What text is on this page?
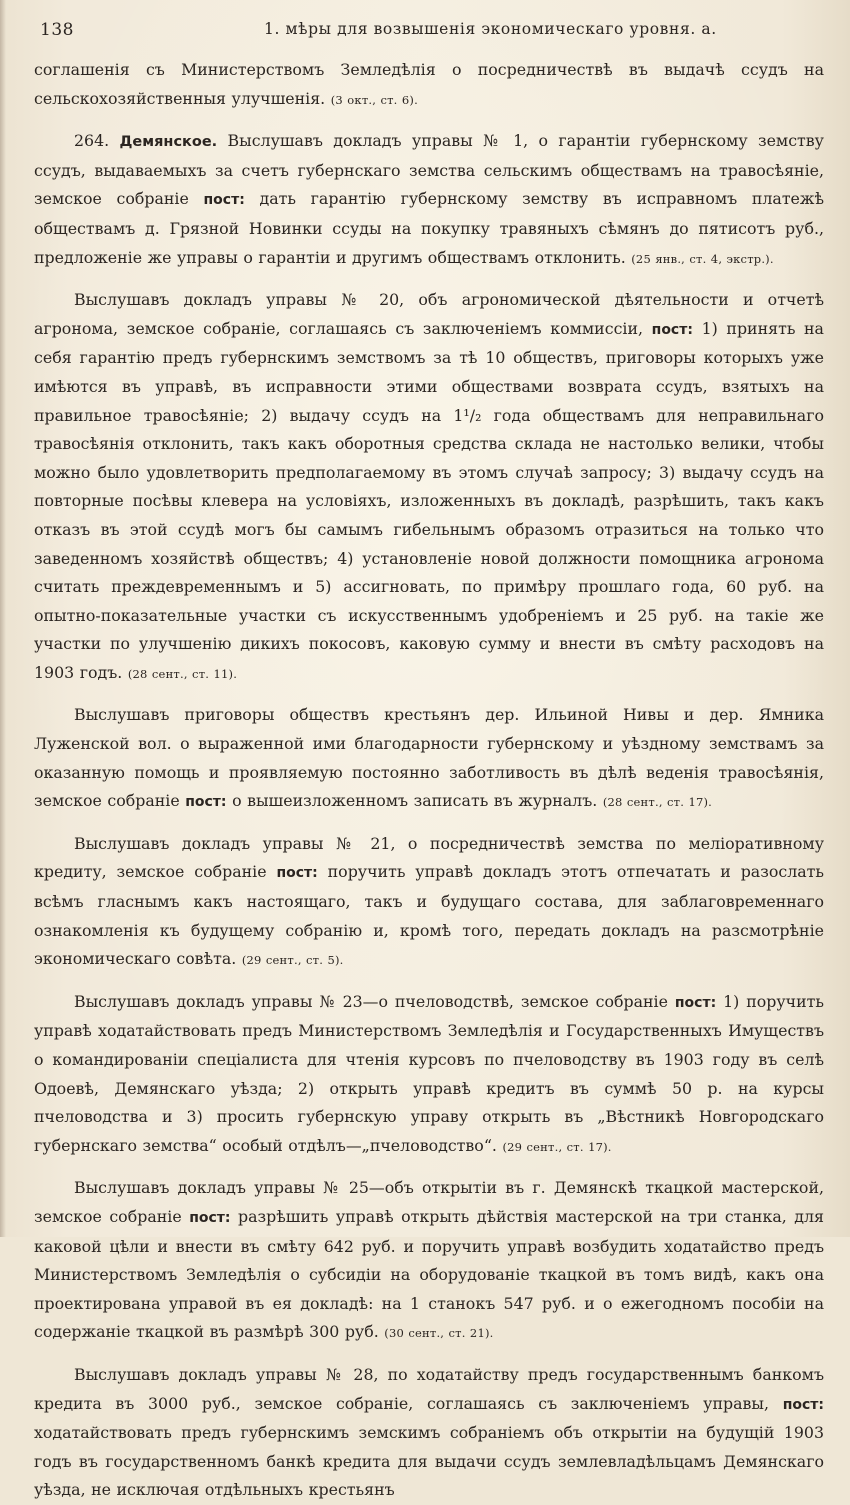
138	1. мѣры для возвышенія экономическаго уровня. а.

соглашенія съ Министерствомъ Земледѣлія о посредничествѣ въ выдачѣ ссудъ на сельскохозяйственныя улучшенія. (3 окт., ст. 6).

264. Демянское. Выслушавъ докладъ управы № 1, о гарантіи губернскому земству ссудъ, выдаваемыхъ за счетъ губернскаго земства сельскимъ обществамъ на травосѣяніе, земское собраніе пост: дать гарантію губернскому земству въ исправномъ платежѣ обществамъ д. Грязной Новинки ссуды на покупку травяныхъ сѣмянъ до пятисотъ руб., предложеніе же управы о гарантіи и другимъ обществамъ отклонить. (25 янв., ст. 4, экстр.).

Выслушавъ докладъ управы № 20, объ агрономической дѣятельности и отчетѣ агронома, земское собраніе, соглашаясь съ заключеніемъ коммиссіи, пост: 1) принять на себя гарантію предъ губернскимъ земствомъ за тѣ 10 обществъ, приговоры которыхъ уже имѣются въ управѣ, въ исправности этими обществами возврата ссудъ, взятыхъ на правильное травосѣяніе; 2) выдачу ссудъ на 1¹/₂ года обществамъ для неправильнаго травосѣянія отклонить, такъ какъ оборотныя средства склада не настолько велики, чтобы можно было удовлетворить предполагаемому въ этомъ случаѣ запросу; 3) выдачу ссудъ на повторные посѣвы клевера на условіяхъ, изложенныхъ въ докладѣ, разрѣшить, такъ какъ отказъ въ этой ссудѣ могъ бы самымъ гибельнымъ образомъ отразиться на только что заведенномъ хозяйствѣ обществъ; 4) установленіе новой должности помощника агронома считать преждевременнымъ и 5) ассигновать, по примѣру прошлаго года, 60 руб. на опытно-показательные участки съ искусственнымъ удобреніемъ и 25 руб. на такіе же участки по улучшенію дикихъ покосовъ, каковую сумму и внести въ смѣту расходовъ на 1903 годъ. (28 сент., ст. 11).

Выслушавъ приговоры обществъ крестьянъ дер. Ильиной Нивы и дер. Ямника Луженской вол. о выраженной ими благодарности губернскому и уѣздному земствамъ за оказанную помощь и проявляемую постоянно заботливость въ дѣлѣ веденія травосѣянія, земское собраніе пост: о вышеизложенномъ записать въ журналъ. (28 сент., ст. 17).

Выслушавъ докладъ управы № 21, о посредничествѣ земства по меліоративному кредиту, земское собраніе пост: поручить управѣ докладъ этотъ отпечатать и разослать всѣмъ гласнымъ какъ настоящаго, такъ и будущаго состава, для заблаговременнаго ознакомленія къ будущему собранію и, кромѣ того, передать докладъ на разсмотрѣніе экономическаго совѣта. (29 сент., ст. 5).

Выслушавъ докладъ управы № 23—о пчеловодствѣ, земское собраніе пост: 1) поручить управѣ ходатайствовать предъ Министерствомъ Земледѣлія и Государственныхъ Имуществъ о командированіи спеціалиста для чтенія курсовъ по пчеловодству въ 1903 году въ селѣ Одоевѣ, Демянскаго уѣзда; 2) открыть управѣ кредитъ въ суммѣ 50 р. на курсы пчеловодства и 3) просить губернскую управу открыть въ „Вѣстникѣ Новгородскаго губернскаго земства“ особый отдѣлъ—„пчеловодство“. (29 сент., ст. 17).

Выслушавъ докладъ управы № 25—объ открытіи въ г. Демянскѣ ткацкой мастерской, земское собраніе пост: разрѣшить управѣ открыть дѣйствія мастерской на три станка, для каковой цѣли и внести въ смѣту 642 руб. и поручить управѣ возбудить ходатайство предъ Министерствомъ Земледѣлія о субсидіи на оборудованіе ткацкой въ томъ видѣ, какъ она проектирована управой въ ея докладѣ: на 1 станокъ 547 руб. и о ежегодномъ пособіи на содержаніе ткацкой въ размѣрѣ 300 руб. (30 сент., ст. 21).

Выслушавъ докладъ управы № 28, по ходатайству предъ государственнымъ банкомъ кредита въ 3000 руб., земское собраніе, соглашаясь съ заключеніемъ управы, пост: ходатайствовать предъ губернскимъ земскимъ собраніемъ объ открытіи на будущій 1903 годъ въ государственномъ банкѣ кредита для выдачи ссудъ землевладѣльцамъ Демянскаго уѣзда, не исключая отдѣльныхъ крестьянъ
